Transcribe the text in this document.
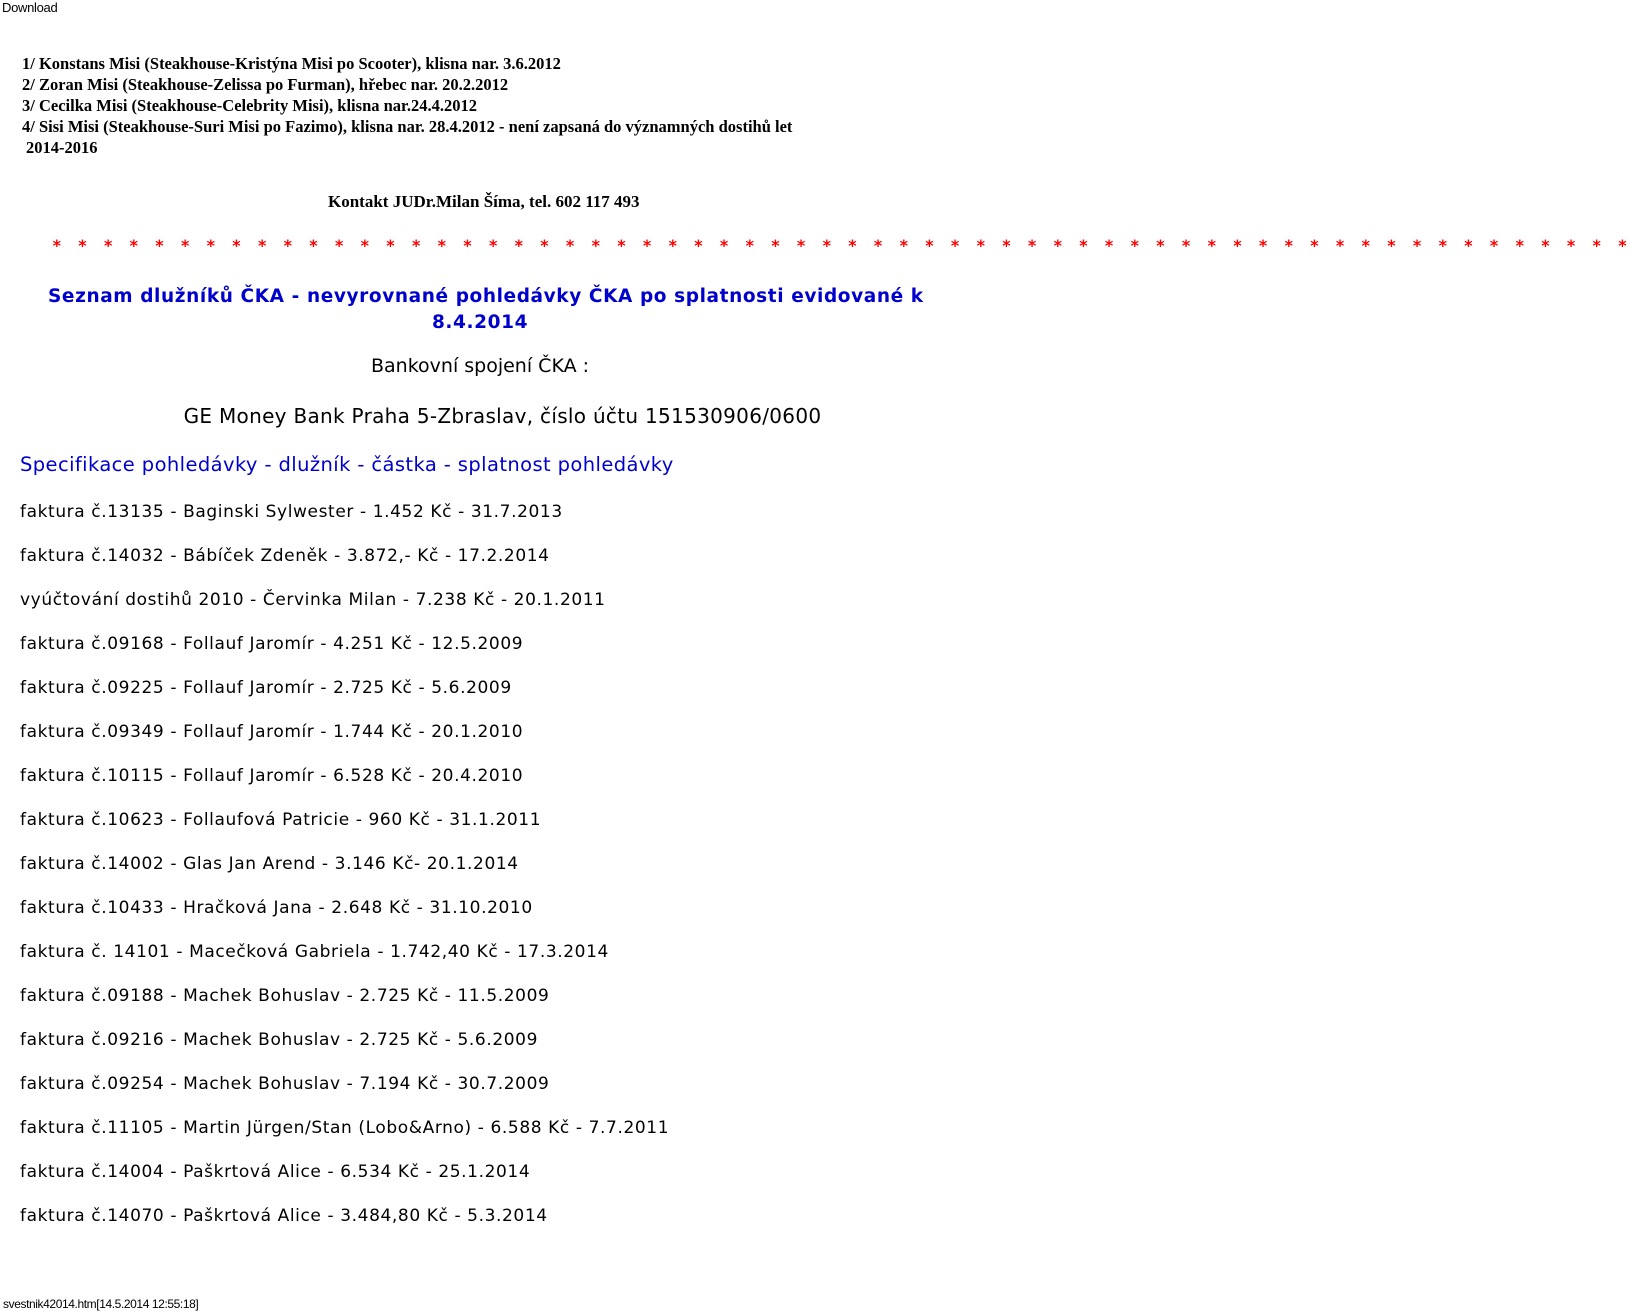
Download
1/ Konstans Misi (Steakhouse-Kristýna Misi po Scooter), klisna nar. 3.6.2012
2/ Zoran Misi (Steakhouse-Zelissa po Furman), hřebec nar. 20.2.2012
3/ Cecilka Misi (Steakhouse-Celebrity Misi), klisna nar.24.4.2012
4/ Sisi Misi (Steakhouse-Suri Misi po Fazimo), klisna nar. 28.4.2012 - není zapsaná do významných dostihů let
2014-2016
Kontakt JUDr.Milan Šíma, tel. 602 117 493
* * * * * * * * * * * * * * * * * * * * * * * * * * * * * * * * * * * * * * * * * * * * * * * * * * * * * * * * * * * * * *
Seznam dlužníků ČKA - nevyrovnané pohledávky ČKA po splatnosti evidované k
8.4.2014
Bankovní spojení ČKA :
GE Money Bank Praha 5-Zbraslav, číslo účtu 151530906/0600
Specifikace pohledávky - dlužník - částka - splatnost pohledávky
faktura č.13135 - Baginski Sylwester - 1.452 Kč - 31.7.2013
faktura č.14032 - Bábíček Zdeněk - 3.872,- Kč - 17.2.2014
vyúčtování dostihů 2010 - Červinka Milan - 7.238 Kč - 20.1.2011
faktura č.09168 - Follauf Jaromír - 4.251 Kč - 12.5.2009
faktura č.09225 - Follauf Jaromír - 2.725 Kč - 5.6.2009
faktura č.09349 - Follauf Jaromír - 1.744 Kč - 20.1.2010
faktura č.10115 - Follauf Jaromír - 6.528 Kč - 20.4.2010
faktura č.10623 - Follaufová Patricie - 960 Kč - 31.1.2011
faktura č.14002 - Glas Jan Arend - 3.146 Kč- 20.1.2014
faktura č.10433 - Hračková Jana - 2.648 Kč - 31.10.2010
faktura č. 14101 - Macečková Gabriela - 1.742,40 Kč - 17.3.2014
faktura č.09188 - Machek Bohuslav - 2.725 Kč - 11.5.2009
faktura č.09216 - Machek Bohuslav - 2.725 Kč - 5.6.2009
faktura č.09254 - Machek Bohuslav - 7.194 Kč - 30.7.2009
faktura č.11105 - Martin Jürgen/Stan (Lobo&Arno) - 6.588 Kč - 7.7.2011
faktura č.14004 - Paškrtová Alice - 6.534 Kč - 25.1.2014
faktura č.14070 - Paškrtová Alice - 3.484,80 Kč - 5.3.2014
svestnik42014.htm[14.5.2014 12:55:18]
